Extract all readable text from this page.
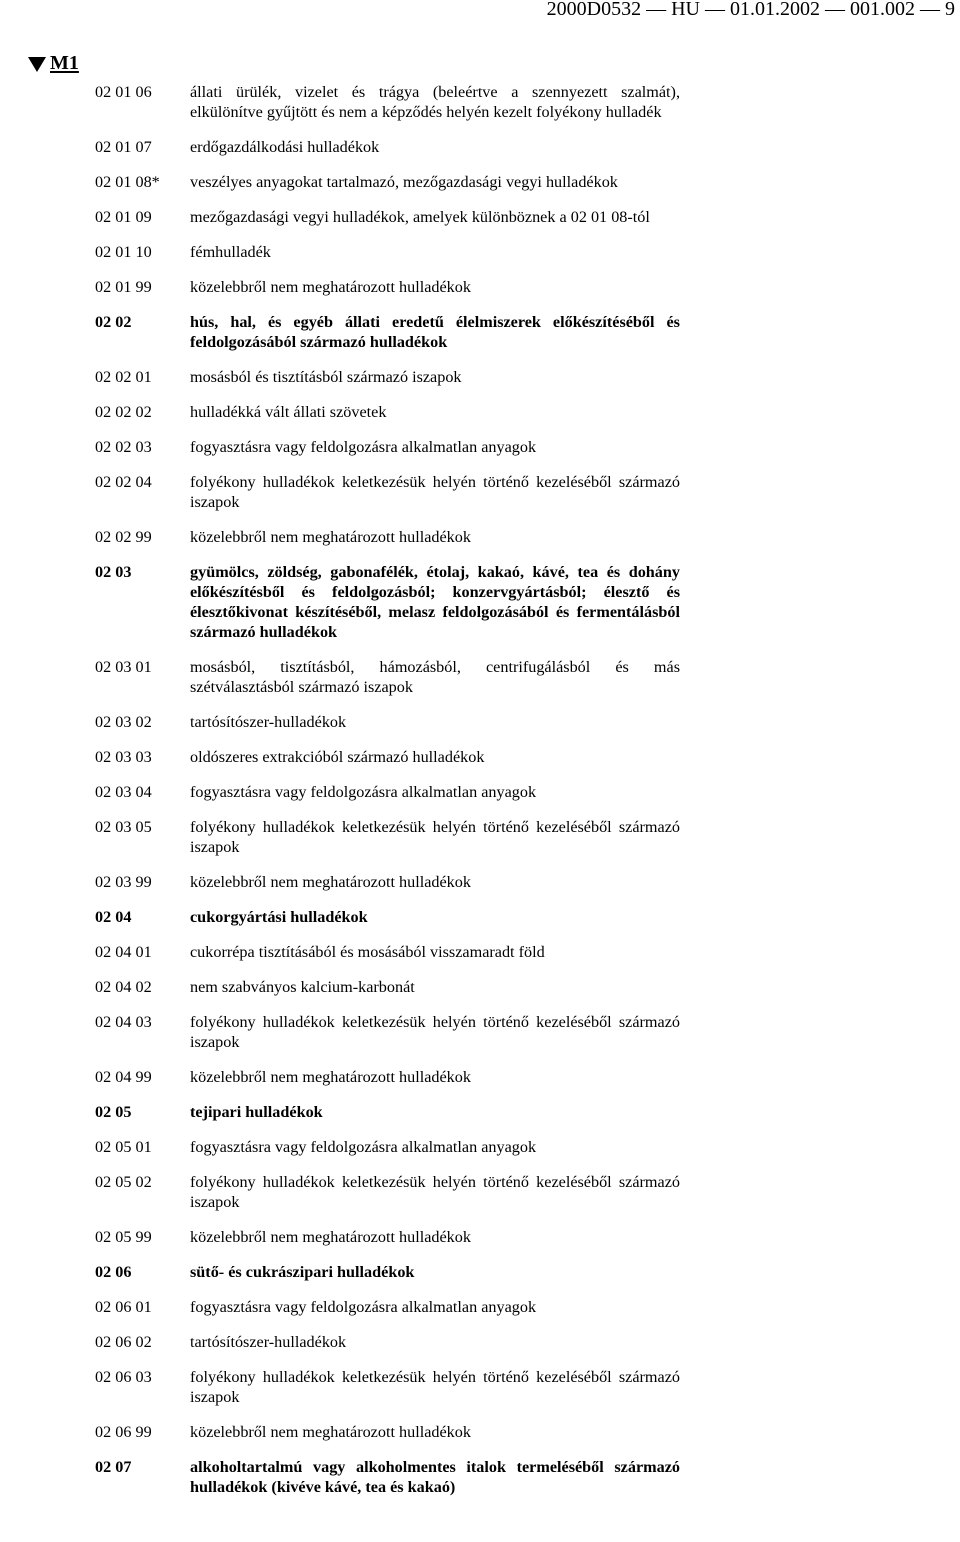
2000D0532 — HU — 01.01.2002 — 001.002 — 9
M1
02 01 06	állati ürülék, vizelet és trágya (beleértve a szennyezett szalmát), elkülönítve gyűjtött és nem a képződés helyén kezelt folyékony hulladék
02 01 07	erdőgazdálkodási hulladékok
02 01 08*	veszélyes anyagokat tartalmazó, mezőgazdasági vegyi hulladékok
02 01 09	mezőgazdasági vegyi hulladékok, amelyek különböznek a 02 01 08-tól
02 01 10	fémhulladék
02 01 99	közelebbről nem meghatározott hulladékok
02 02	hús, hal, és egyéb állati eredetű élelmiszerek előkészítéséből és feldolgozásából származó hulladékok
02 02 01	mosásból és tisztításból származó iszapok
02 02 02	hulladékká vált állati szövetek
02 02 03	fogyasztásra vagy feldolgozásra alkalmatlan anyagok
02 02 04	folyékony hulladékok keletkezésük helyén történő kezeléséből származó iszapok
02 02 99	közelebbről nem meghatározott hulladékok
02 03	gyümölcs, zöldség, gabonafélék, étolaj, kakaó, kávé, tea és dohány előkészítésből és feldolgozásból; konzervgyártásból; élesztő és élesztőkivonat készítéséből, melasz feldolgozásából és fermentálásból származó hulladékok
02 03 01	mosásból, tisztításból, hámozásból, centrifugálásból és más szétválasztásból származó iszapok
02 03 02	tartósítószer-hulladékok
02 03 03	oldószeres extrakcióból származó hulladékok
02 03 04	fogyasztásra vagy feldolgozásra alkalmatlan anyagok
02 03 05	folyékony hulladékok keletkezésük helyén történő kezeléséből származó iszapok
02 03 99	közelebbről nem meghatározott hulladékok
02 04	cukorgyártási hulladékok
02 04 01	cukorrépa tisztításából és mosásából visszamaradt föld
02 04 02	nem szabványos kalcium-karbonát
02 04 03	folyékony hulladékok keletkezésük helyén történő kezeléséből származó iszapok
02 04 99	közelebbről nem meghatározott hulladékok
02 05	tejipari hulladékok
02 05 01	fogyasztásra vagy feldolgozásra alkalmatlan anyagok
02 05 02	folyékony hulladékok keletkezésük helyén történő kezeléséből származó iszapok
02 05 99	közelebbről nem meghatározott hulladékok
02 06	sütő- és cukrászipari hulladékok
02 06 01	fogyasztásra vagy feldolgozásra alkalmatlan anyagok
02 06 02	tartósítószer-hulladékok
02 06 03	folyékony hulladékok keletkezésük helyén történő kezeléséből származó iszapok
02 06 99	közelebbről nem meghatározott hulladékok
02 07	alkoholtartalmú vagy alkoholmentes italok termeléséből származó hulladékok (kivéve kávé, tea és kakaó)
